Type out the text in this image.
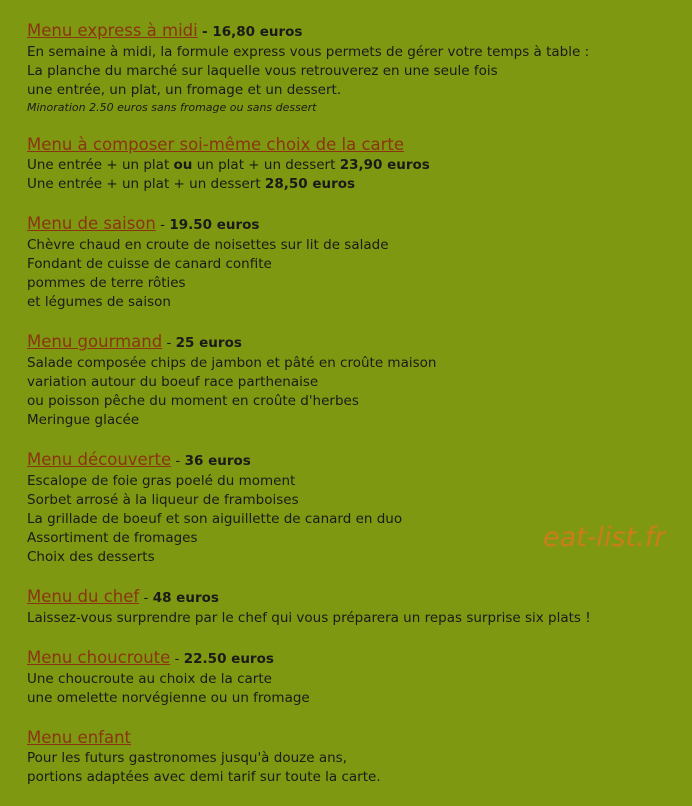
Menu express à midi - 16,80 euros
En semaine à midi, la formule express vous permets de gérer votre temps à table :
La planche du marché sur laquelle vous retrouverez en une seule fois
une entrée, un plat, un fromage et un dessert.
Minoration 2.50 euros sans fromage ou sans dessert
Menu à composer soi-même choix de la carte
Une entrée + un plat ou un plat + un dessert 23,90 euros
Une entrée + un plat + un dessert 28,50 euros
Menu de saison - 19.50 euros
Chèvre chaud en croute de noisettes sur lit de salade
Fondant de cuisse de canard confite
pommes de terre rôties
et légumes de saison
Menu gourmand - 25 euros
Salade composée chips de jambon et pâté en croûte maison
variation autour du boeuf race parthenaise
ou poisson pêche du moment en croûte d'herbes
Meringue glacée
Menu découverte - 36 euros
Escalope de foie gras poelé du moment
Sorbet arrosé à la liqueur de framboises
La grillade de boeuf et son aiguillette de canard en duo
Assortiment de fromages
Choix des desserts
Menu du chef - 48 euros
Laissez-vous surprendre par le chef qui vous préparera un repas surprise six plats !
Menu choucroute - 22.50 euros
Une choucroute au choix de la carte
une omelette norvégienne ou un fromage
Menu enfant
Pour les futurs gastronomes jusqu'à douze ans,
portions adaptées avec demi tarif sur toute la carte.
eat-list.fr
